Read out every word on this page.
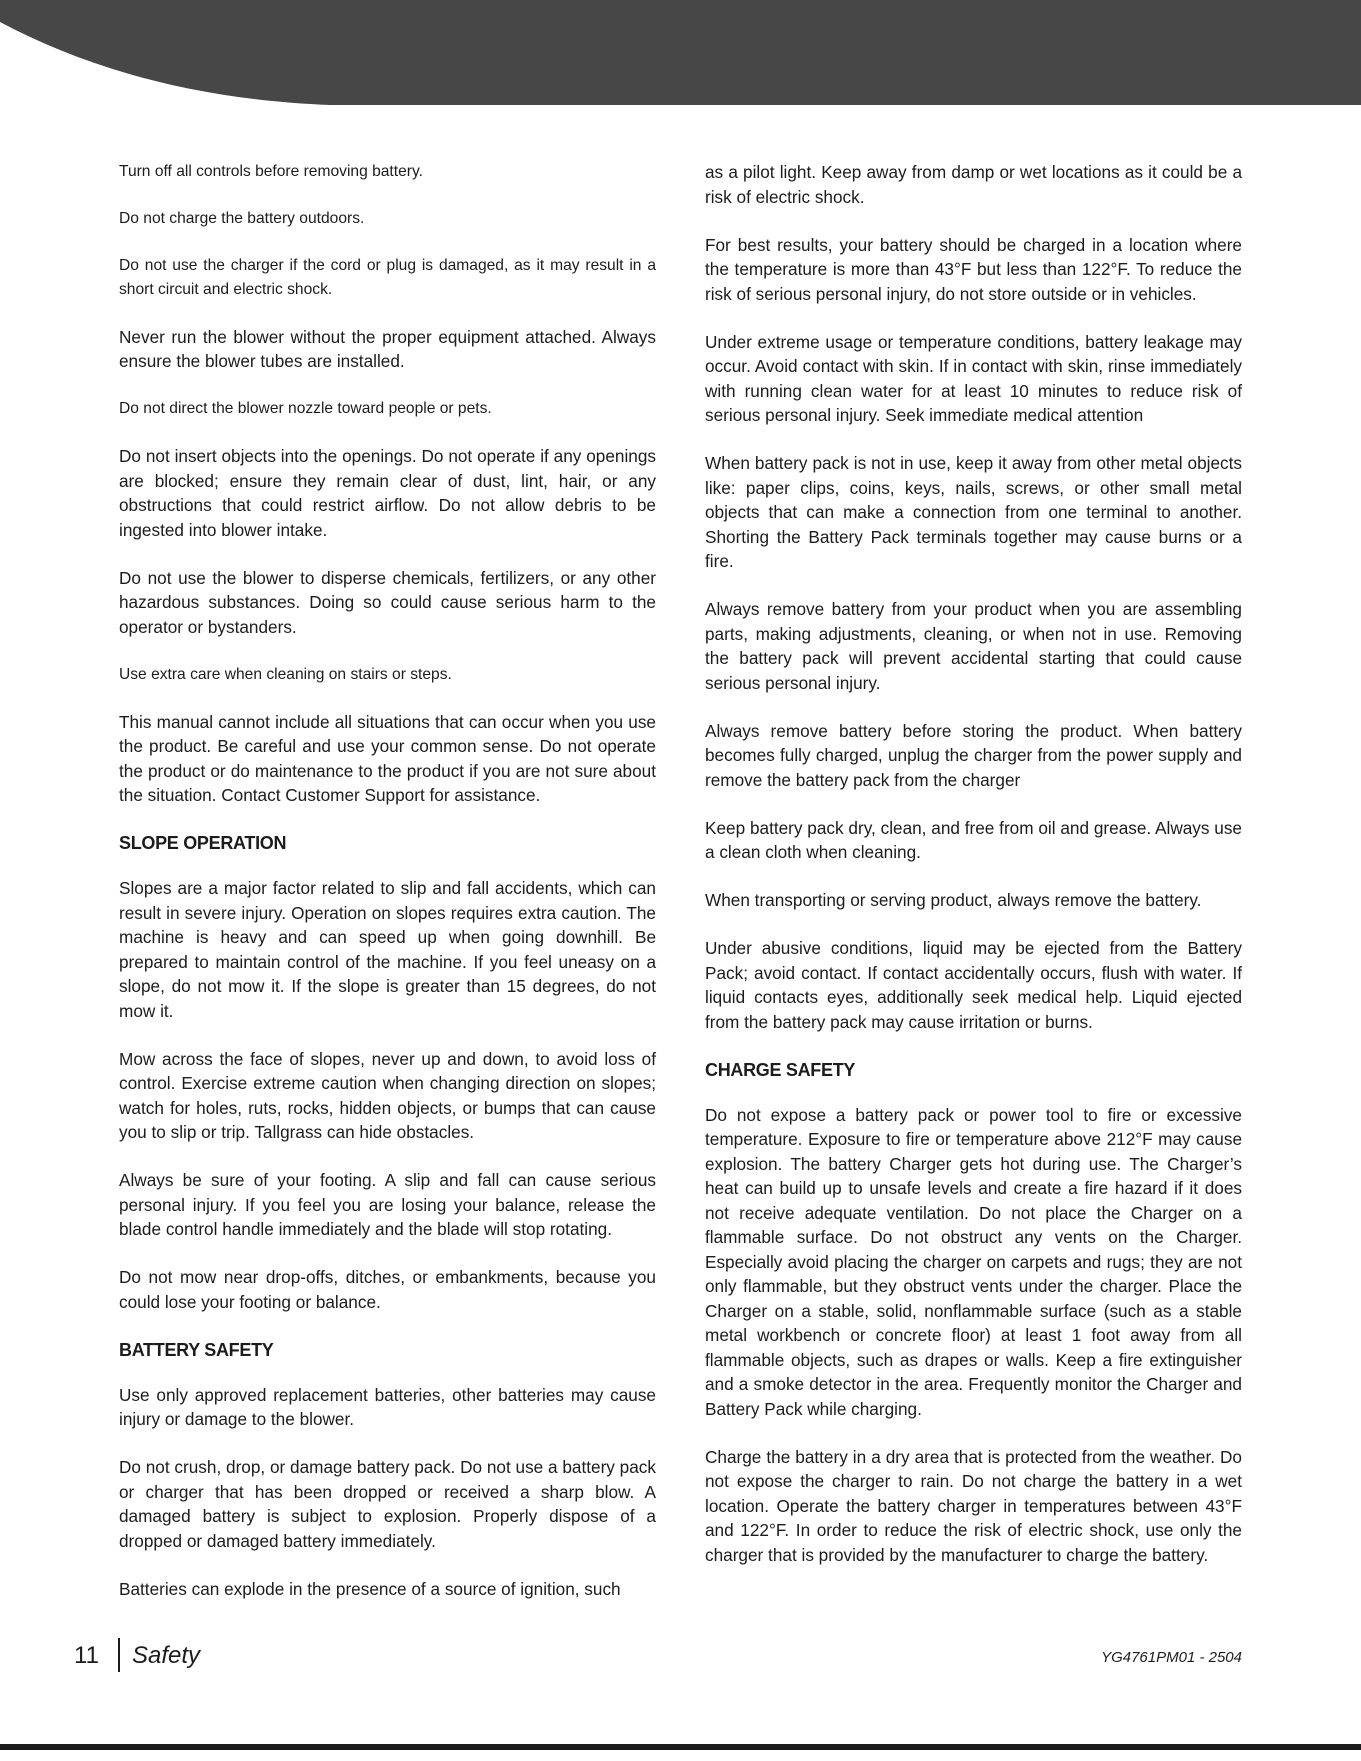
Turn off all controls before removing battery.

Do not charge the battery outdoors.

Do not use the charger if the cord or plug is damaged, as it may result in a short circuit and electric shock.

Never run the blower without the proper equipment attached. Always ensure the blower tubes are installed.

Do not direct the blower nozzle toward people or pets.

Do not insert objects into the openings. Do not operate if any openings are blocked; ensure they remain clear of dust, lint, hair, or any obstructions that could restrict airflow. Do not allow debris to be ingested into blower intake.

Do not use the blower to disperse chemicals, fertilizers, or any other hazardous substances. Doing so could cause serious harm to the operator or bystanders.

Use extra care when cleaning on stairs or steps.

This manual cannot include all situations that can occur when you use the product. Be careful and use your common sense. Do not operate the product or do maintenance to the product if you are not sure about the situation. Contact Customer Support for assistance.

SLOPE OPERATION

Slopes are a major factor related to slip and fall accidents, which can result in severe injury. Operation on slopes requires extra caution. The machine is heavy and can speed up when going downhill. Be prepared to maintain control of the machine. If you feel uneasy on a slope, do not mow it. If the slope is greater than 15 degrees, do not mow it.

Mow across the face of slopes, never up and down, to avoid loss of control. Exercise extreme caution when changing direction on slopes; watch for holes, ruts, rocks, hidden objects, or bumps that can cause you to slip or trip. Tallgrass can hide obstacles.

Always be sure of your footing. A slip and fall can cause serious personal injury. If you feel you are losing your balance, release the blade control handle immediately and the blade will stop rotating.

Do not mow near drop-offs, ditches, or embankments, because you could lose your footing or balance.

BATTERY SAFETY

Use only approved replacement batteries, other batteries may cause injury or damage to the blower.

Do not crush, drop, or damage battery pack. Do not use a battery pack or charger that has been dropped or received a sharp blow. A damaged battery is subject to explosion. Properly dispose of a dropped or damaged battery immediately.

Batteries can explode in the presence of a source of ignition, such

as a pilot light. Keep away from damp or wet locations as it could be a risk of electric shock.

For best results, your battery should be charged in a location where the temperature is more than 43°F but less than 122°F. To reduce the risk of serious personal injury, do not store outside or in vehicles.

Under extreme usage or temperature conditions, battery leakage may occur. Avoid contact with skin. If in contact with skin, rinse immediately with running clean water for at least 10 minutes to reduce risk of serious personal injury. Seek immediate medical attention

When battery pack is not in use, keep it away from other metal objects like: paper clips, coins, keys, nails, screws, or other small metal objects that can make a connection from one terminal to another. Shorting the Battery Pack terminals together may cause burns or a fire.

Always remove battery from your product when you are assembling parts, making adjustments, cleaning, or when not in use. Removing the battery pack will prevent accidental starting that could cause serious personal injury.

Always remove battery before storing the product. When battery becomes fully charged, unplug the charger from the power supply and remove the battery pack from the charger

Keep battery pack dry, clean, and free from oil and grease. Always use a clean cloth when cleaning.

When transporting or serving product, always remove the battery.

Under abusive conditions, liquid may be ejected from the Battery Pack; avoid contact. If contact accidentally occurs, flush with water. If liquid contacts eyes, additionally seek medical help. Liquid ejected from the battery pack may cause irritation or burns.

CHARGE SAFETY

Do not expose a battery pack or power tool to fire or excessive temperature. Exposure to fire or temperature above 212°F may cause explosion. The battery Charger gets hot during use. The Charger’s heat can build up to unsafe levels and create a fire hazard if it does not receive adequate ventilation. Do not place the Charger on a flammable surface. Do not obstruct any vents on the Charger. Especially avoid placing the charger on carpets and rugs; they are not only flammable, but they obstruct vents under the charger. Place the Charger on a stable, solid, nonflammable surface (such as a stable metal workbench or concrete floor) at least 1 foot away from all flammable objects, such as drapes or walls. Keep a fire extinguisher and a smoke detector in the area. Frequently monitor the Charger and Battery Pack while charging.

Charge the battery in a dry area that is protected from the weather. Do not expose the charger to rain. Do not charge the battery in a wet location. Operate the battery charger in temperatures between 43°F and 122°F. In order to reduce the risk of electric shock, use only the charger that is provided by the manufacturer to charge the battery.

11 Safety	YG4761PM01 - 2504
